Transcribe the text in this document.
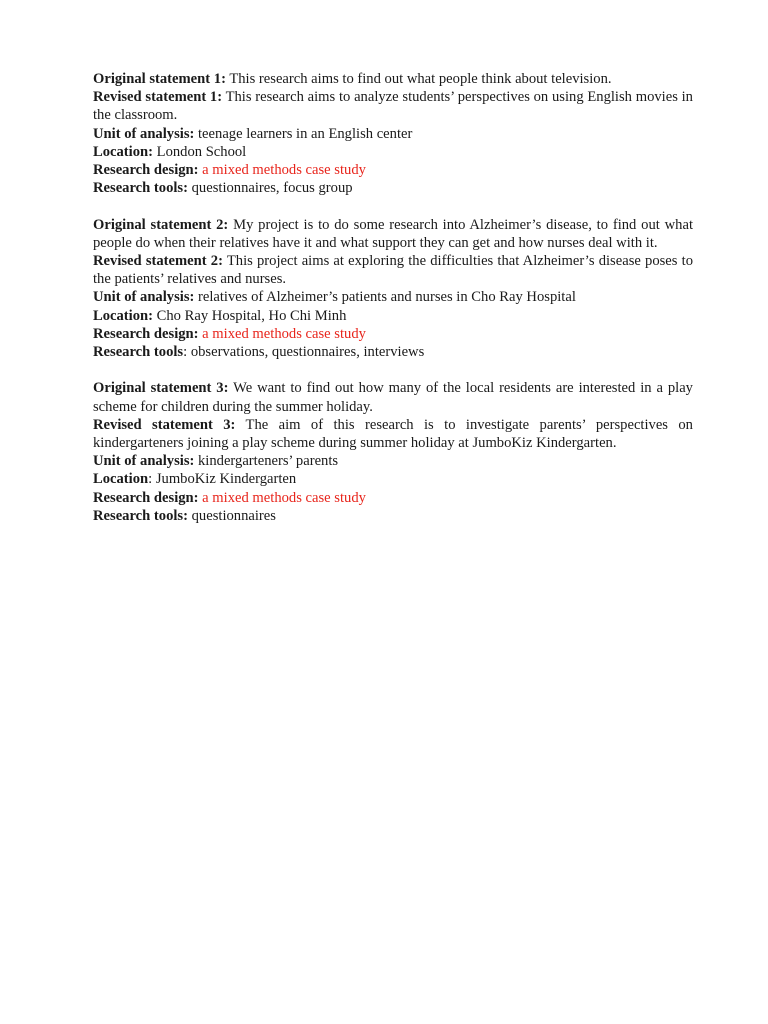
Original statement 1: This research aims to find out what people think about television.

Revised statement 1: This research aims to analyze students’ perspectives on using English movies in the classroom.

Unit of analysis: teenage learners in an English center

Location: London School

Research design: a mixed methods case study

Research tools: questionnaires, focus group

Original statement 2: My project is to do some research into Alzheimer’s disease, to find out what people do when their relatives have it and what support they can get and how nurses deal with it.

Revised statement 2: This project aims at exploring the difficulties that Alzheimer’s disease poses to the patients’ relatives and nurses.

Unit of analysis: relatives of Alzheimer’s patients and nurses in Cho Ray Hospital

Location: Cho Ray Hospital, Ho Chi Minh

Research design: a mixed methods case study

Research tools: observations, questionnaires, interviews

Original statement 3: We want to find out how many of the local residents are interested in a play scheme for children during the summer holiday.

Revised statement 3: The aim of this research is to investigate parents’ perspectives on kindergarteners joining a play scheme during summer holiday at JumboKiz Kindergarten.

Unit of analysis: kindergarteners’ parents

Location: JumboKiz Kindergarten

Research design: a mixed methods case study

Research tools: questionnaires
